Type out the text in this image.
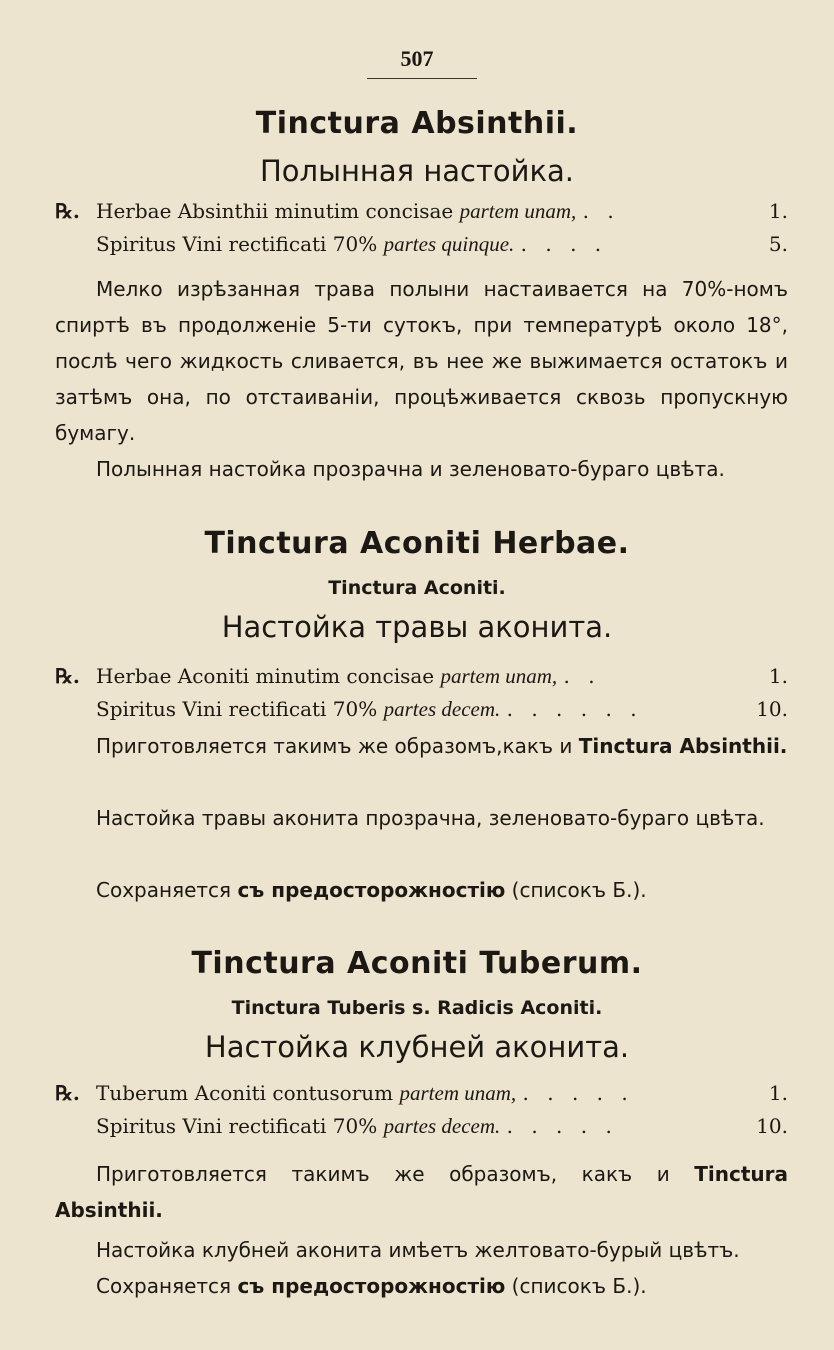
507
Tinctura Absinthii.
Полынная настойка.
℞. Herbae Absinthii minutim concisae partem unam, . .	1.
Spiritus Vini rectificati 70% partes quinque. . . . .	5.
Мелко изрѣзанная трава полыни настаивается на 70%-номъ спиртѣ въ продолженіе 5-ти сутокъ, при температурѣ около 18°, послѣ чего жидкость сливается, въ нее же выжимается остатокъ и затѣмъ она, по отстаиваніи, процѣживается сквозь пропускную бумагу.
Полынная настойка прозрачна и зеленовато-бураго цвѣта.
Tinctura Aconiti Herbae.
Tinctura Aconiti.
Настойка травы аконита.
℞. Herbae Aconiti minutim concisae partem unam, . .	1.
Spiritus Vini rectificati 70% partes decem. . . . . . .	10.
Приготовляется такимъ же образомъ,какъ и Tinctura Absinthii.
Настойка травы аконита прозрачна, зеленовато-бураго цвѣта.
Сохраняется съ предосторожностію (списокъ Б.).
Tinctura Aconiti Tuberum.
Tinctura Tuberis s. Radicis Aconiti.
Настойка клубней аконита.
℞. Tuberum Aconiti contusorum partem unam, . . . . .	1.
Spiritus Vini rectificati 70% partes decem. . . . . .	10.
Приготовляется такимъ же образомъ, какъ и Tinctura Absinthii.
Настойка клубней аконита имѣетъ желтовато-бурый цвѣтъ.
Сохраняется съ предосторожностію (списокъ Б.).
